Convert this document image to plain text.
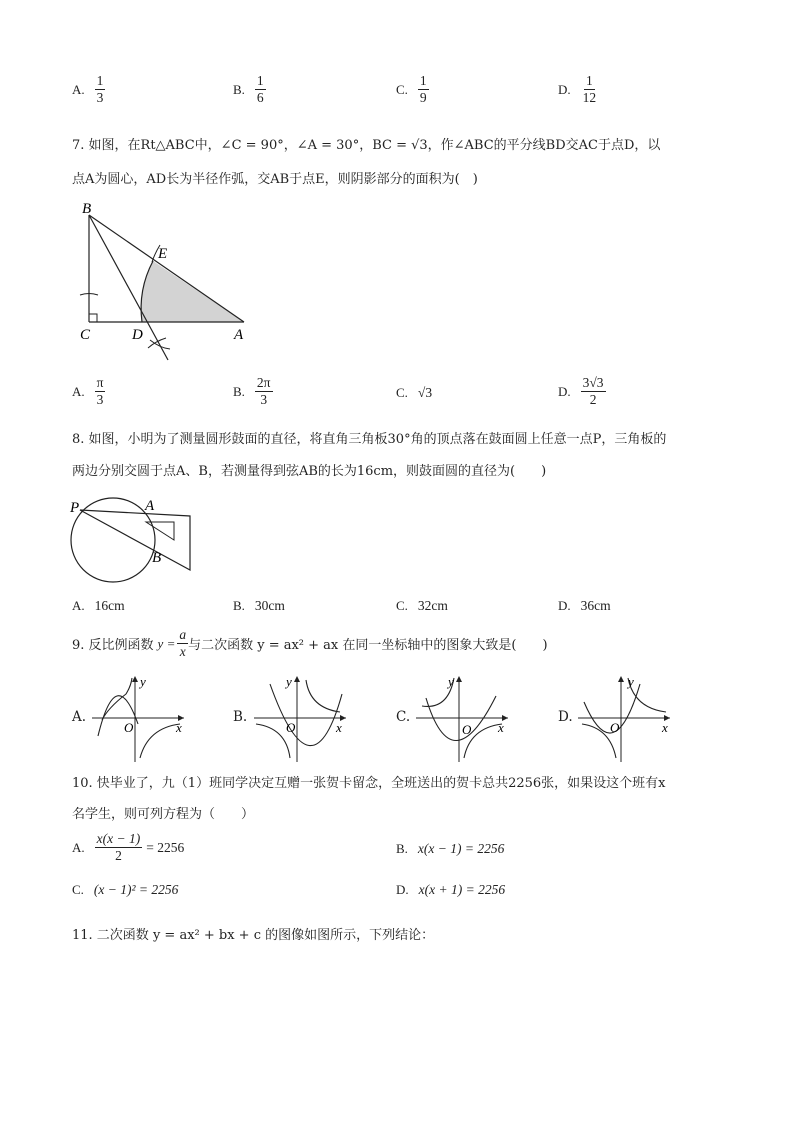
A. $\frac{1}{3}$	B. $\frac{1}{6}$	C. $\frac{1}{9}$	D. $\frac{1}{12}$
7. 如图，在Rt△ABC中，∠C = 90°，∠A = 30°，BC = √3，作∠ABC的平分线BD交AC于点D，以
点A为圆心，AD长为半径作弧，交AB于点E，则阴影部分的面积为(　)
B
E
C	D	A
A. $\frac{\pi}{3}$	B. $\frac{2\pi}{3}$	C. √3	D. $\frac{3√3}{2}$
8. 如图，小明为了测量圆形鼓面的直径，将直角三角板30°角的顶点落在鼓面圆上任意一点P，三角板的
两边分别交圆于点A、B，若测量得到弦AB的长为16cm，则鼓面圆的直径为(　　)
P	A
B
A. 16cm	B. 30cm	C. 32cm	D. 36cm
9. 反比例函数 $y = \frac{a}{x}$ 与二次函数 y = ax² + ax 在同一坐标轴中的图象大致是(　　)
A.
y
O	x
B.
y
O	x
C.
y
O x
D.
y
O	x
10. 快毕业了，九（1）班同学决定互赠一张贺卡留念，全班送出的贺卡总共2256张，如果设这个班有x
名学生，则可列方程为（　　）
A. $\frac{x(x - 1)}{2} = 2256$	B. x(x − 1) = 2256
C. (x − 1)² = 2256	D. x(x + 1) = 2256
11. 二次函数 y = ax² + bx + c 的图像如图所示，下列结论：
